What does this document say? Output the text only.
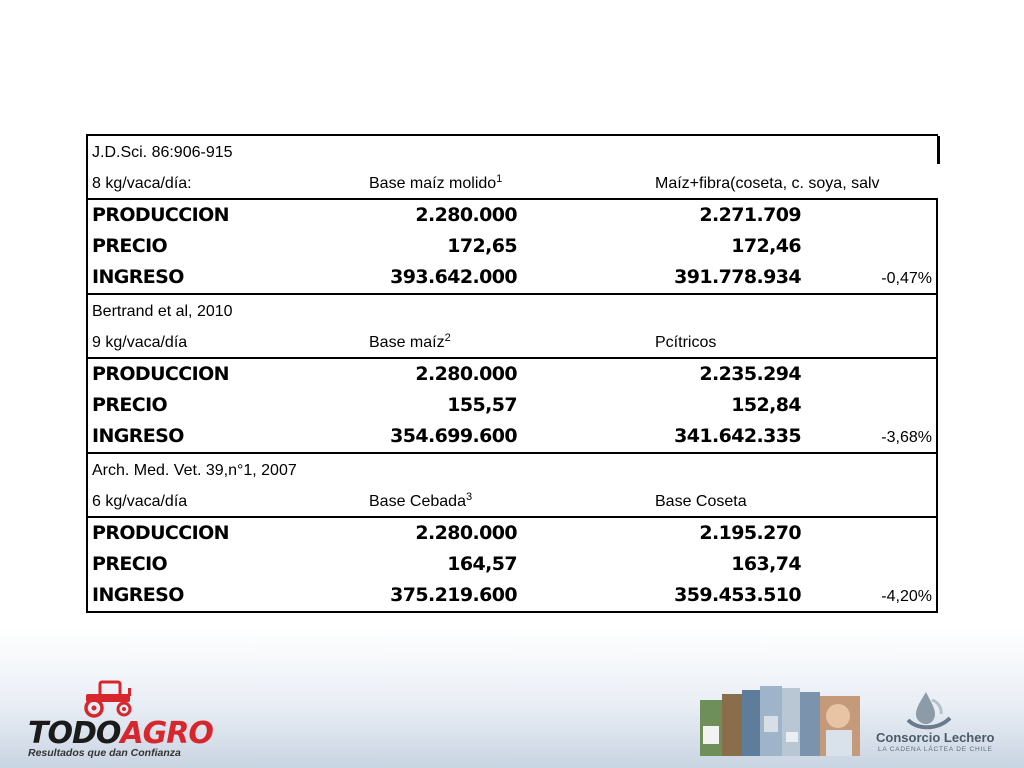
J.D.Sci. 86:906-915
8 kg/vaca/día:	Base maíz molido$^1$	Maíz+fibra(coseta, c. soya, salv
PRODUCCION	2.280.000	2.271.709
PRECIO	172,65	172,46
INGRESO	393.642.000	391.778.934	-0,47%
Bertrand et al, 2010
9 kg/vaca/día	Base maíz$^2$	Pcítricos
PRODUCCION	2.280.000	2.235.294
PRECIO	155,57	152,84
INGRESO	354.699.600	341.642.335	-3,68%
Arch. Med. Vet. 39,n°1, 2007
6 kg/vaca/día	Base Cebada$^3$	Base Coseta
PRODUCCION	2.280.000	2.195.270
PRECIO	164,57	163,74
INGRESO	375.219.600	359.453.510	-4,20%
TODOAGRO
Resultados que dan Confianza
Consorcio Lechero
LA CADENA LÁCTEA DE CHILE
